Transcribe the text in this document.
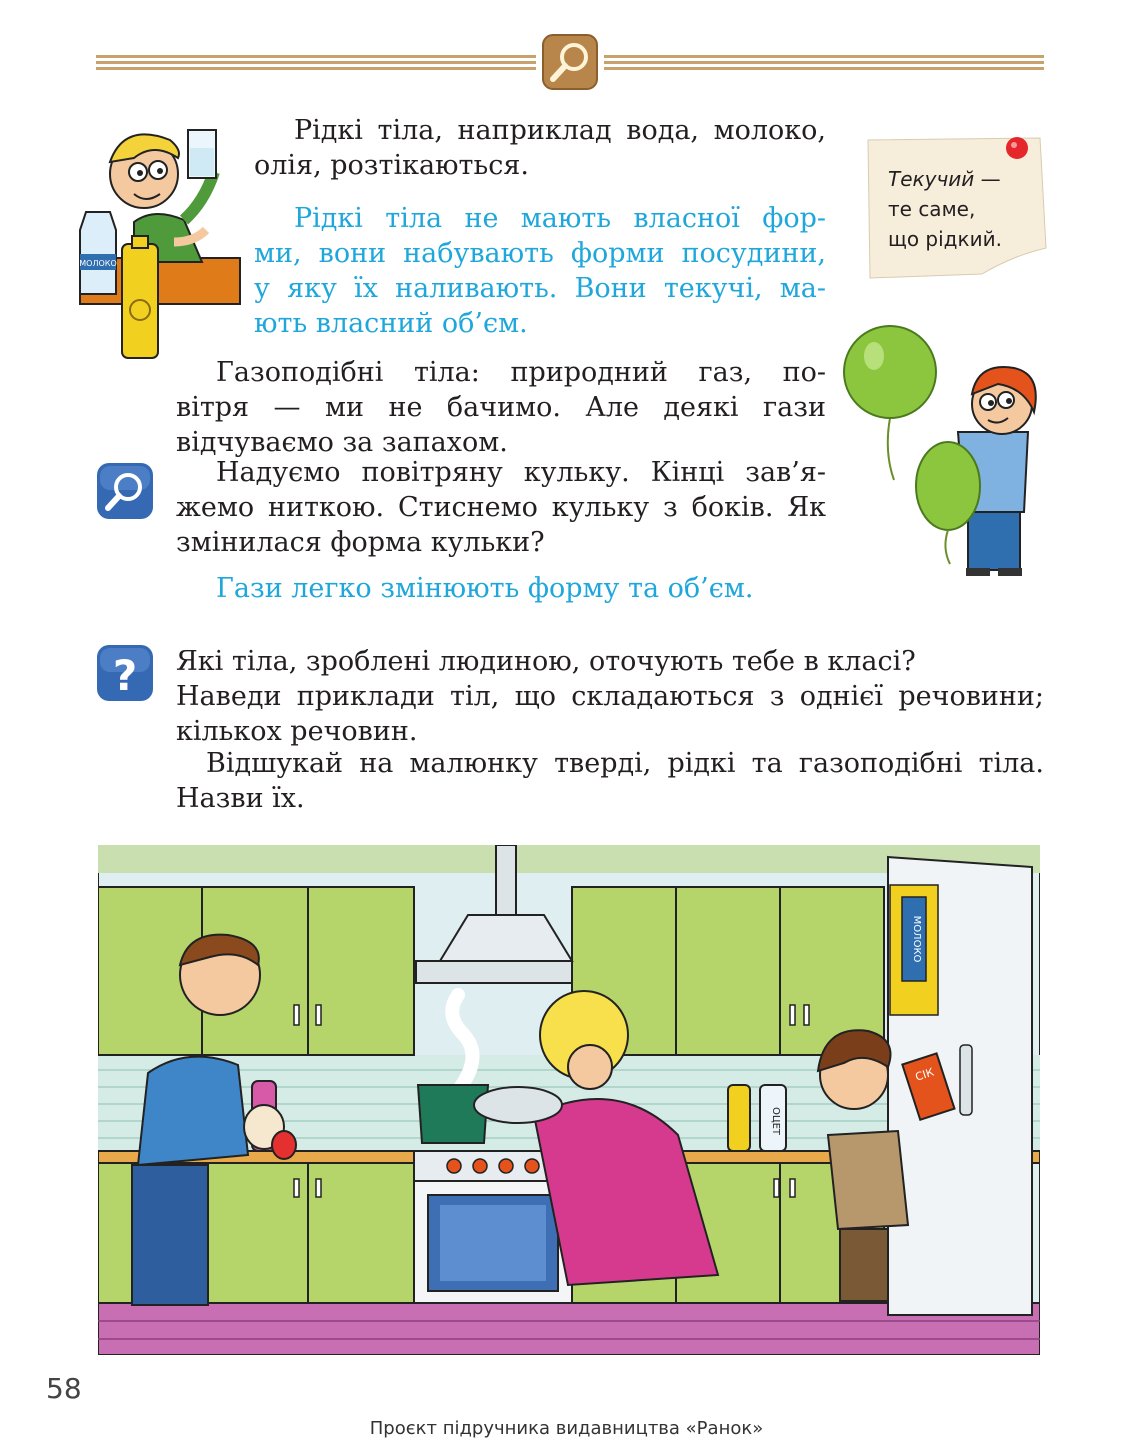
МОЛОКО
Рідкі тіла, наприклад вода, молоко,
олія, розтікаються.
Рідкі тіла не мають власної фор-
ми, вони набувають форми посудини,
у яку їх наливають. Вони текучі, ма-
ють власний об’єм.
Текучий —
те саме,
що рідкий.
Газоподібні тіла: природний газ, по-
вітря — ми не бачимо. Але деякі гази
відчуваємо за запахом.
Надуємо повітряну кульку. Кінці зав’я-
жемо ниткою. Стиснемо кульку з боків. Як
змінилася форма кульки?
Гази легко змінюють форму та об’єм.
? Які тіла, зроблені людиною, оточують тебе в класі?
Наведи приклади тіл, що складаються з однієї речовини;
кількох речовин.
Відшукай на малюнку тверді, рідкі та газоподібні тіла.
Назви їх.
МОЛОКО
СІК
ОЦЕТ
58
Проєкт підручника видавництва «Ранок»
